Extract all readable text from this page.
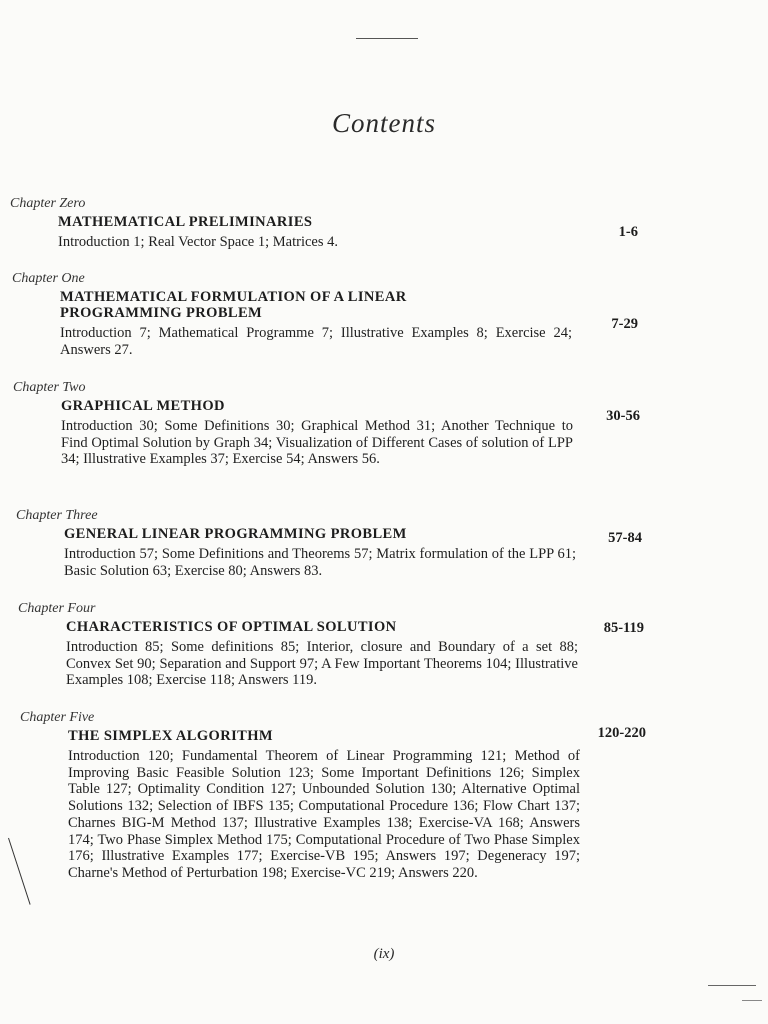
Contents
Chapter Zero
MATHEMATICAL PRELIMINARIES
Introduction 1; Real Vector Space 1; Matrices 4.
1-6
Chapter One
MATHEMATICAL FORMULATION OF A LINEAR PROGRAMMING PROBLEM
Introduction 7; Mathematical Programme 7; Illustrative Examples 8; Exercise 24; Answers 27.
7-29
Chapter Two
GRAPHICAL METHOD
Introduction 30; Some Definitions 30; Graphical Method 31; Another Technique to Find Optimal Solution by Graph 34; Visualization of Different Cases of solution of LPP 34; Illustrative Examples 37; Exercise 54; Answers 56.
30-56
Chapter Three
GENERAL LINEAR PROGRAMMING PROBLEM
Introduction 57; Some Definitions and Theorems 57; Matrix formulation of the LPP 61; Basic Solution 63; Exercise 80; Answers 83.
57-84
Chapter Four
CHARACTERISTICS OF OPTIMAL SOLUTION
Introduction 85; Some definitions 85; Interior, closure and Boundary of a set 88; Convex Set 90; Separation and Support 97; A Few Important Theorems 104; Illustrative Examples 108; Exercise 118; Answers 119.
85-119
Chapter Five
THE SIMPLEX ALGORITHM
Introduction 120; Fundamental Theorem of Linear Programming 121; Method of Improving Basic Feasible Solution 123; Some Important Definitions 126; Simplex Table 127; Optimality Condition 127; Unbounded Solution 130; Alternative Optimal Solutions 132; Selection of IBFS 135; Computational Procedure 136; Flow Chart 137; Charnes BIG-M Method 137; Illustrative Examples 138; Exercise-VA 168; Answers 174; Two Phase Simplex Method 175; Computational Procedure of Two Phase Simplex 176; Illustrative Examples 177; Exercise-VB 195; Answers 197; Degeneracy 197; Charne's Method of Perturbation 198; Exercise-VC 219; Answers 220.
120-220
(ix)
